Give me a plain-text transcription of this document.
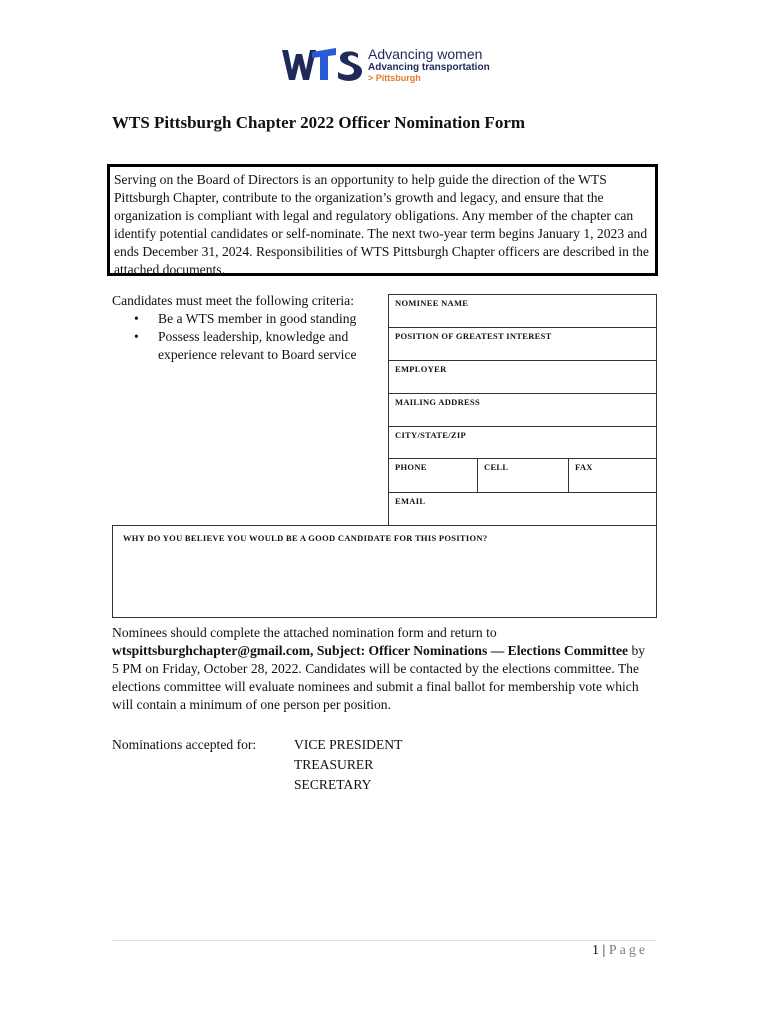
Advancing women
Advancing transportation
> Pittsburgh
WTS Pittsburgh Chapter 2022 Officer Nomination Form
Serving on the Board of Directors is an opportunity to help guide the direction of the WTS Pittsburgh Chapter, contribute to the organization’s growth and legacy, and ensure that the organization is compliant with legal and regulatory obligations. Any member of the chapter can identify potential candidates or self-nominate. The next two-year term begins January 1, 2023 and ends December 31, 2024. Responsibilities of WTS Pittsburgh Chapter officers are described in the attached documents.
Candidates must meet the following criteria:
• Be a WTS member in good standing
• Possess leadership, knowledge and experience relevant to Board service
NOMINEE NAME
POSITION OF GREATEST INTEREST
EMPLOYER
MAILING ADDRESS
CITY/STATE/ZIP
PHONE	CELL	FAX
EMAIL
WHY DO YOU BELIEVE YOU WOULD BE A GOOD CANDIDATE FOR THIS POSITION?
Nominees should complete the attached nomination form and return to wtspittsburghchapter@gmail.com, Subject: Officer Nominations — Elections Committee by 5 PM on Friday, October 28, 2022. Candidates will be contacted by the elections committee. The elections committee will evaluate nominees and submit a final ballot for membership vote which will contain a minimum of one person per position.
Nominations accepted for:	VICE PRESIDENT
TREASURER
SECRETARY
1 | Page
